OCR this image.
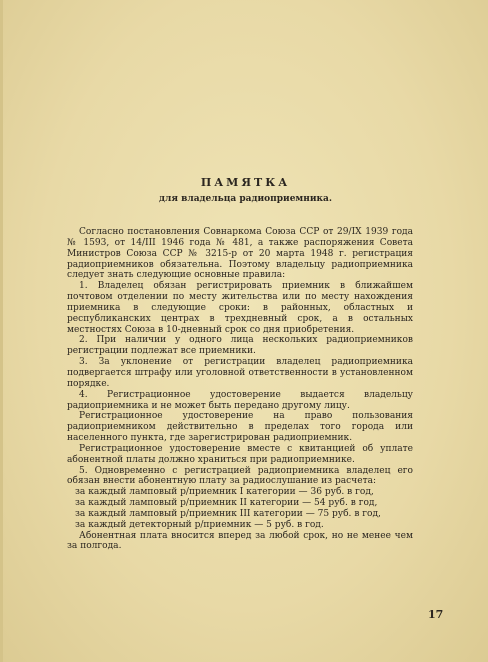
ПАМЯТКА
для владельца радиоприемника.

Согласно постановления Совнаркома Союза ССР от 29/IX 1939 года № 1593, от 14/III 1946 года № 481, а также распоряжения Совета Министров Союза ССР № 3215-р от 20 марта 1948 г. регистрация радиоприемников обязательна. Поэтому владельцу радиоприемника следует знать следующие основные правила:

1. Владелец обязан регистрировать приемник в ближайшем почтовом отделении по месту жительства или по месту нахождения приемника в следующие сроки: в районных, областных и республиканских центрах в трехдневный срок, а в остальных местностях Союза в 10-дневный срок со дня приобретения.

2. При наличии у одного лица нескольких радиоприемников регистрации подлежат все приемники.

3. За уклонение от регистрации владелец радиоприемника подвергается штрафу или уголовной ответственности в установленном порядке.

4. Регистрационное удостоверение выдается владельцу радиоприемника и не может быть передано другому лицу.

Регистрационное удостоверение на право пользования радиоприемником действительно в пределах того города или населенного пункта, где зарегистрирован радиоприемник.

Регистрационное удостоверение вместе с квитанцией об уплате абонентной платы должно храниться при радиоприемнике.

5. Одновременно с регистрацией радиоприемника владелец его обязан внести абонентную плату за радиослушание из расчета:

за каждый ламповый р/приемник I категории — 36 руб. в год,

за каждый ламповый р/приемник II категории — 54 руб. в год,

за каждый ламповый р/приемник III категории — 75 руб. в год,

за каждый детекторный р/приемник — 5 руб. в год.

Абонентная плата вносится вперед за любой срок, но не менее чем за полгода.

17
